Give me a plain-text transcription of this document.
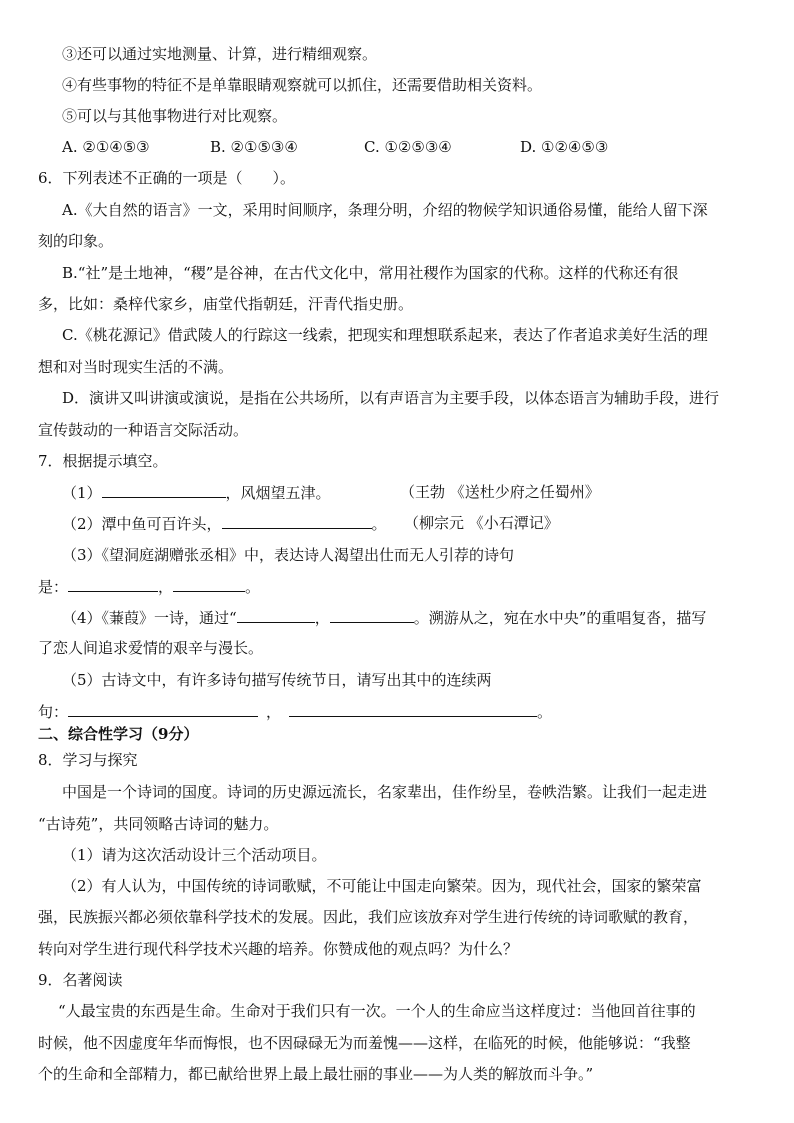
③还可以通过实地测量、计算，进行精细观察。
④有些事物的特征不是单靠眼睛观察就可以抓住，还需要借助相关资料。
⑤可以与其他事物进行对比观察。
A. ②①④⑤③	B. ②①⑤③④	C. ①②⑤③④	D. ①②④⑤③
6．下列表述不正确的一项是（　　）。
A.《大自然的语言》一文，采用时间顺序，条理分明，介绍的物候学知识通俗易懂，能给人留下深
刻的印象。
B.“社”是土地神，“稷”是谷神，在古代文化中，常用社稷作为国家的代称。这样的代称还有很
多，比如：桑梓代家乡，庙堂代指朝廷，汗青代指史册。
C.《桃花源记》借武陵人的行踪这一线索，把现实和理想联系起来，表达了作者追求美好生活的理
想和对当时现实生活的不满。
D．演讲又叫讲演或演说，是指在公共场所，以有声语言为主要手段，以体态语言为辅助手段，进行
宣传鼓动的一种语言交际活动。
7．根据提示填空。
（1）	，风烟望五津。	（王勃 《送杜少府之任蜀州》
（2）潭中鱼可百许头，	。 （柳宗元 《小石潭记》
（3）《望洞庭湖赠张丞相》中，表达诗人渴望出仕而无人引荐的诗句
是：	，	。
（4）《蒹葭》一诗，通过“	，	。溯游从之，宛在水中央”的重唱复沓，描写
了恋人间追求爱情的艰辛与漫长。
（5）古诗文中，有许多诗句描写传统节日，请写出其中的连续两
句：	，	。
二、综合性学习（9分）
8．学习与探究
中国是一个诗词的国度。诗词的历史源远流长，名家辈出，佳作纷呈，卷帙浩繁。让我们一起走进
“古诗苑”，共同领略古诗词的魅力。
（1）请为这次活动设计三个活动项目。
（2）有人认为，中国传统的诗词歌赋，不可能让中国走向繁荣。因为，现代社会，国家的繁荣富
强，民族振兴都必须依靠科学技术的发展。因此，我们应该放弃对学生进行传统的诗词歌赋的教育，
转向对学生进行现代科学技术兴趣的培养。你赞成他的观点吗？为什么？
9．名著阅读
“人最宝贵的东西是生命。生命对于我们只有一次。一个人的生命应当这样度过：当他回首往事的
时候，他不因虚度年华而悔恨，也不因碌碌无为而羞愧——这样，在临死的时候，他能够说：“我整
个的生命和全部精力，都已献给世界上最上最壮丽的事业——为人类的解放而斗争。”
